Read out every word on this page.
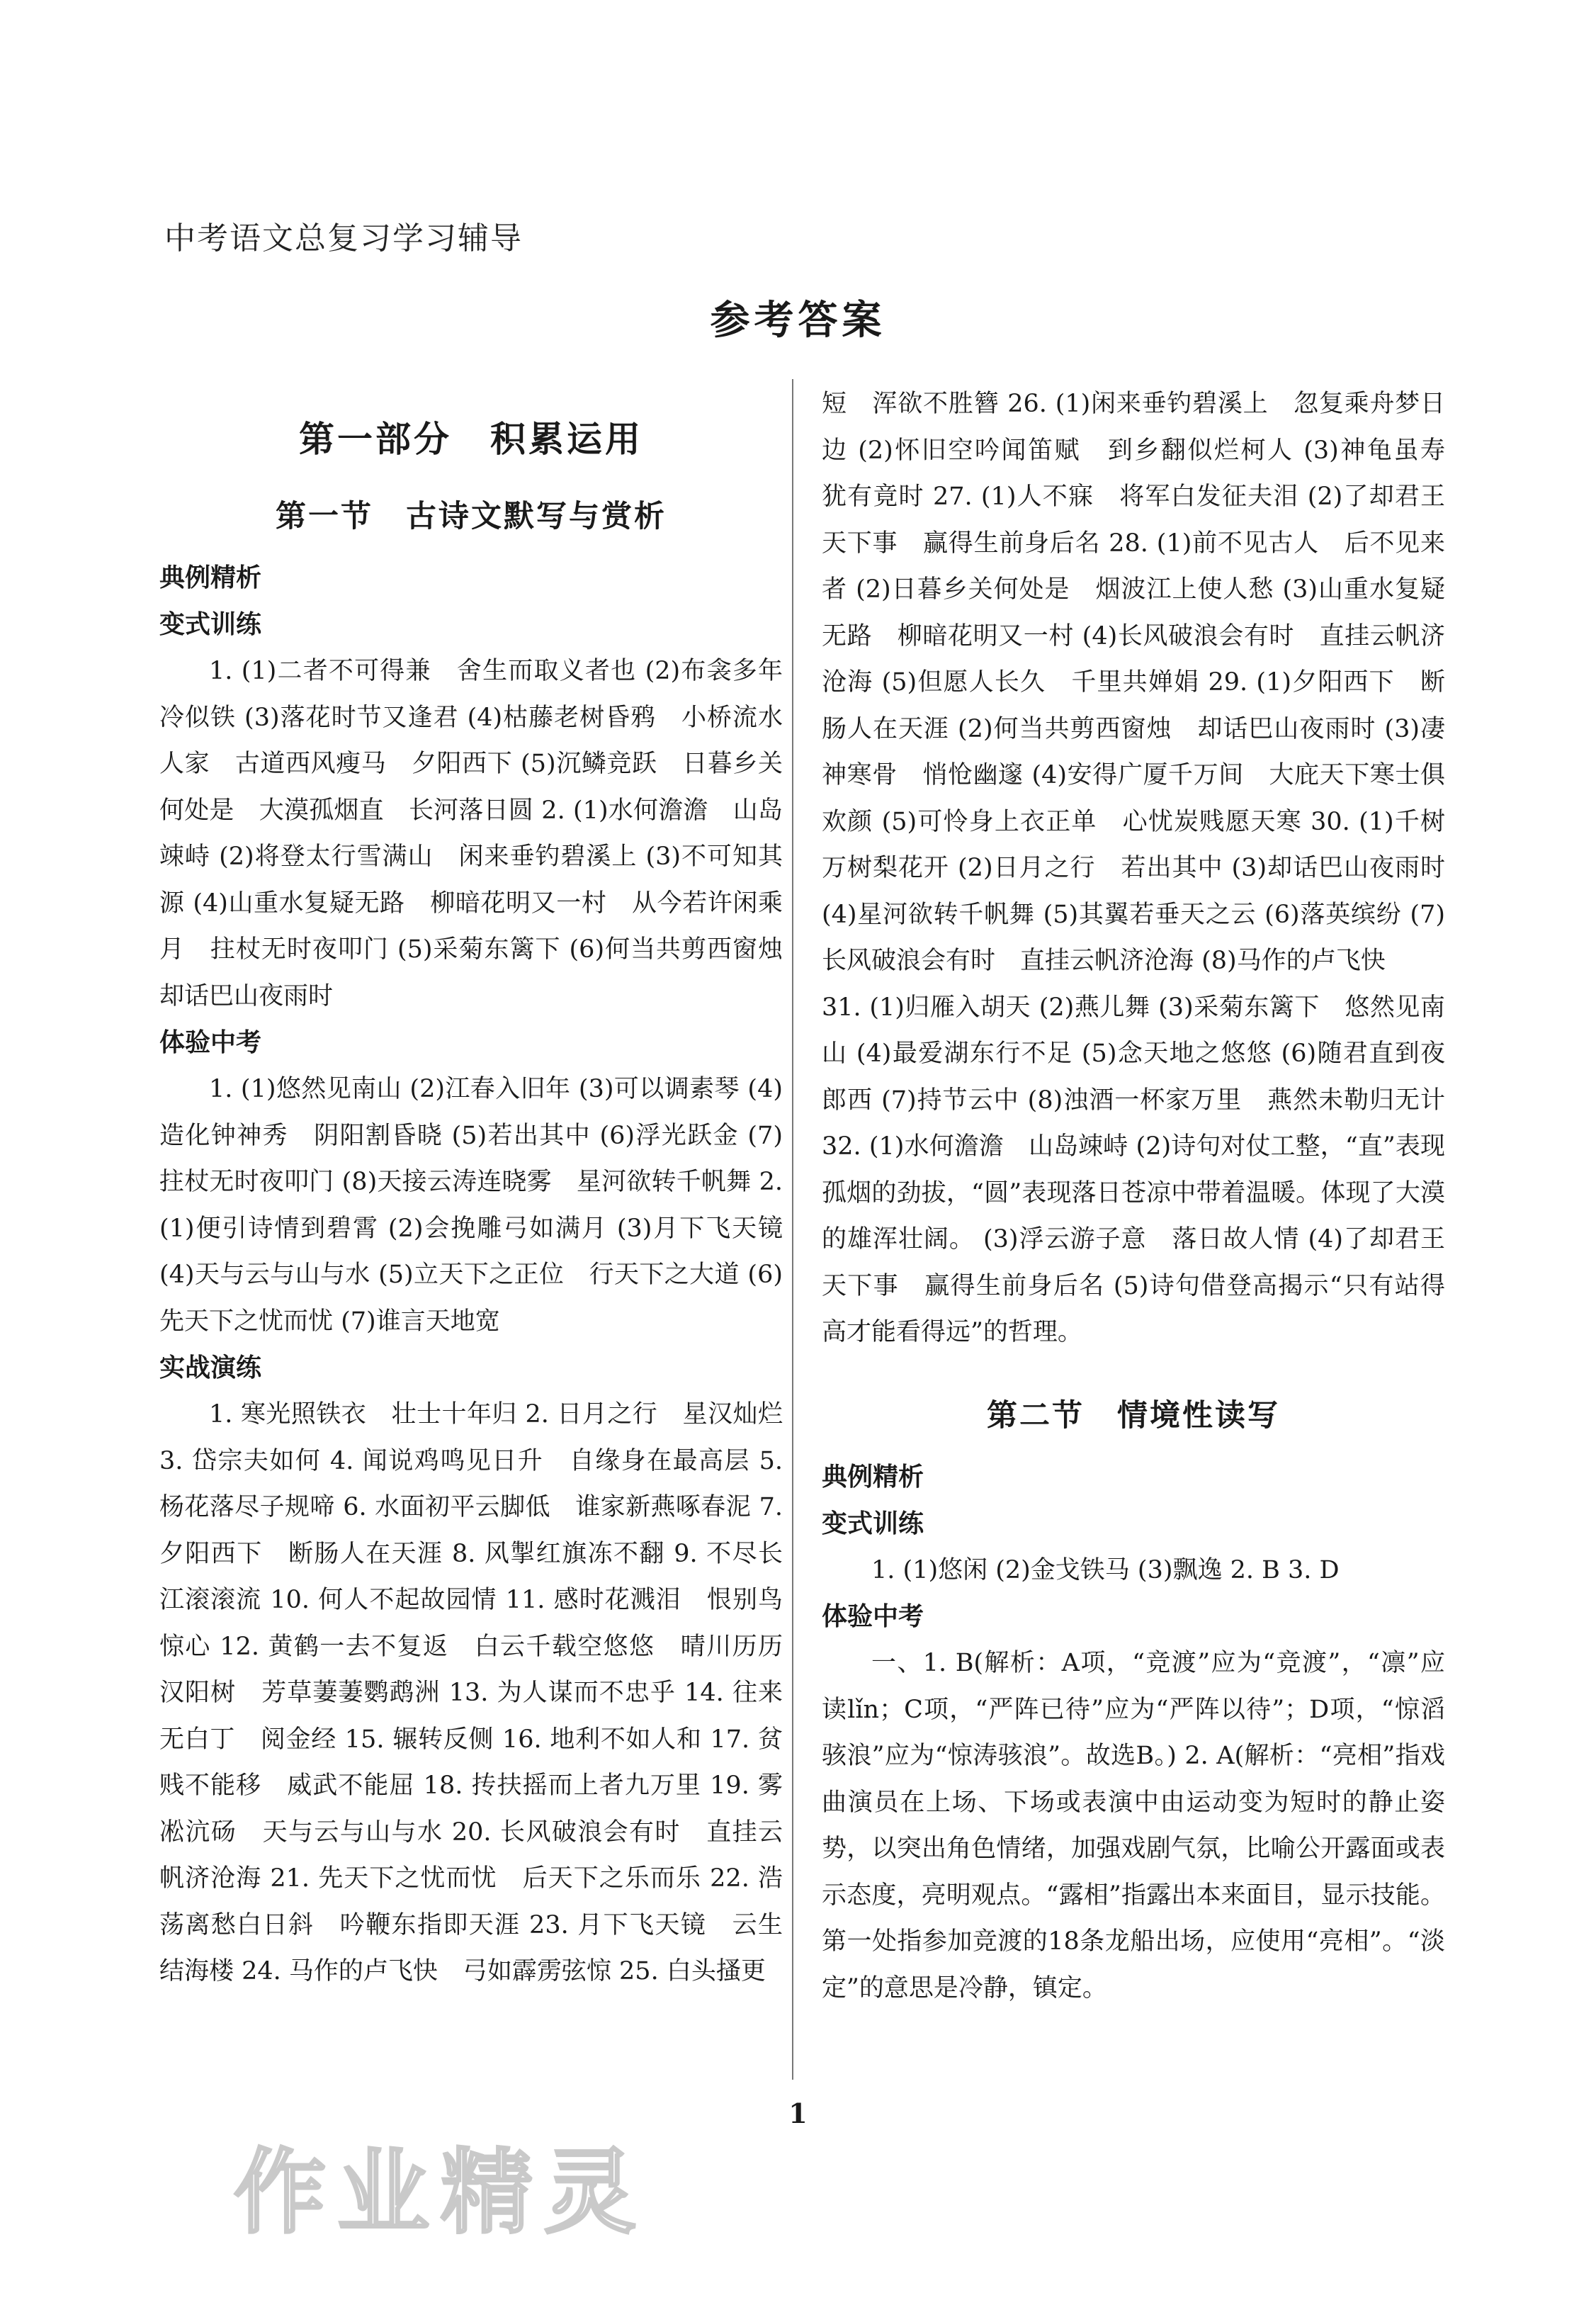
中考语文总复习学习辅导
参考答案
第一部分　积累运用
第一节　古诗文默写与赏析

典例精析

变式训练

1. (1)二者不可得兼　舍生而取义者也 (2)布衾多年冷似铁 (3)落花时节又逢君 (4)枯藤老树昏鸦　小桥流水人家　古道西风瘦马　夕阳西下 (5)沉鳞竞跃　日暮乡关何处是　大漠孤烟直　长河落日圆 2. (1)水何澹澹　山岛竦峙 (2)将登太行雪满山　闲来垂钓碧溪上 (3)不可知其源 (4)山重水复疑无路　柳暗花明又一村　从今若许闲乘月　拄杖无时夜叩门 (5)采菊东篱下 (6)何当共剪西窗烛　却话巴山夜雨时

体验中考

1. (1)悠然见南山 (2)江春入旧年 (3)可以调素琴 (4)造化钟神秀　阴阳割昏晓 (5)若出其中 (6)浮光跃金 (7)拄杖无时夜叩门 (8)天接云涛连晓雾　星河欲转千帆舞 2. (1)便引诗情到碧霄 (2)会挽雕弓如满月 (3)月下飞天镜 (4)天与云与山与水 (5)立天下之正位　行天下之大道 (6)先天下之忧而忧 (7)谁言天地宽

实战演练

1. 寒光照铁衣　壮士十年归 2. 日月之行　星汉灿烂 3. 岱宗夫如何 4. 闻说鸡鸣见日升　自缘身在最高层 5. 杨花落尽子规啼 6. 水面初平云脚低　谁家新燕啄春泥 7. 夕阳西下　断肠人在天涯 8. 风掣红旗冻不翻 9. 不尽长江滚滚流 10. 何人不起故园情 11. 感时花溅泪　恨别鸟惊心 12. 黄鹤一去不复返　白云千载空悠悠　晴川历历汉阳树　芳草萋萋鹦鹉洲 13. 为人谋而不忠乎 14. 往来无白丁　阅金经 15. 辗转反侧 16. 地利不如人和 17. 贫贱不能移　威武不能屈 18. 抟扶摇而上者九万里 19. 雾凇沆砀　天与云与山与水 20. 长风破浪会有时　直挂云帆济沧海 21. 先天下之忧而忧　后天下之乐而乐 22. 浩荡离愁白日斜　吟鞭东指即天涯 23. 月下飞天镜　云生结海楼 24. 马作的卢飞快　弓如霹雳弦惊 25. 白头搔更

短　浑欲不胜簪 26. (1)闲来垂钓碧溪上　忽复乘舟梦日边 (2)怀旧空吟闻笛赋　到乡翻似烂柯人 (3)神龟虽寿　犹有竟时 27. (1)人不寐　将军白发征夫泪 (2)了却君王天下事　赢得生前身后名 28. (1)前不见古人　后不见来者 (2)日暮乡关何处是　烟波江上使人愁 (3)山重水复疑无路　柳暗花明又一村 (4)长风破浪会有时　直挂云帆济沧海 (5)但愿人长久　千里共婵娟 29. (1)夕阳西下　断肠人在天涯 (2)何当共剪西窗烛　却话巴山夜雨时 (3)凄神寒骨　悄怆幽邃 (4)安得广厦千万间　大庇天下寒士俱欢颜 (5)可怜身上衣正单　心忧炭贱愿天寒 30. (1)千树万树梨花开 (2)日月之行　若出其中 (3)却话巴山夜雨时 (4)星河欲转千帆舞 (5)其翼若垂天之云 (6)落英缤纷 (7)长风破浪会有时　直挂云帆济沧海 (8)马作的卢飞快

31. (1)归雁入胡天 (2)燕儿舞 (3)采菊东篱下　悠然见南山 (4)最爱湖东行不足 (5)念天地之悠悠 (6)随君直到夜郎西 (7)持节云中 (8)浊酒一杯家万里　燕然未勒归无计 32. (1)水何澹澹　山岛竦峙 (2)诗句对仗工整，“直”表现孤烟的劲拔，“圆”表现落日苍凉中带着温暖。体现了大漠的雄浑壮阔。 (3)浮云游子意　落日故人情 (4)了却君王天下事　赢得生前身后名 (5)诗句借登高揭示“只有站得高才能看得远”的哲理。

第二节　情境性读写

典例精析

变式训练

1. (1)悠闲 (2)金戈铁马 (3)飘逸 2. B 3. D

体验中考

一、1. B(解析：A项，“竞渡”应为“竞渡”，“凛”应读lǐn；C项，“严阵已待”应为“严阵以待”；D项，“惊滔骇浪”应为“惊涛骇浪”。故选B。) 2. A(解析：“亮相”指戏曲演员在上场、下场或表演中由运动变为短时的静止姿势，以突出角色情绪，加强戏剧气氛，比喻公开露面或表示态度，亮明观点。“露相”指露出本来面目，显示技能。第一处指参加竞渡的18条龙船出场，应使用“亮相”。“淡定”的意思是冷静，镇定。

1
作业精灵
